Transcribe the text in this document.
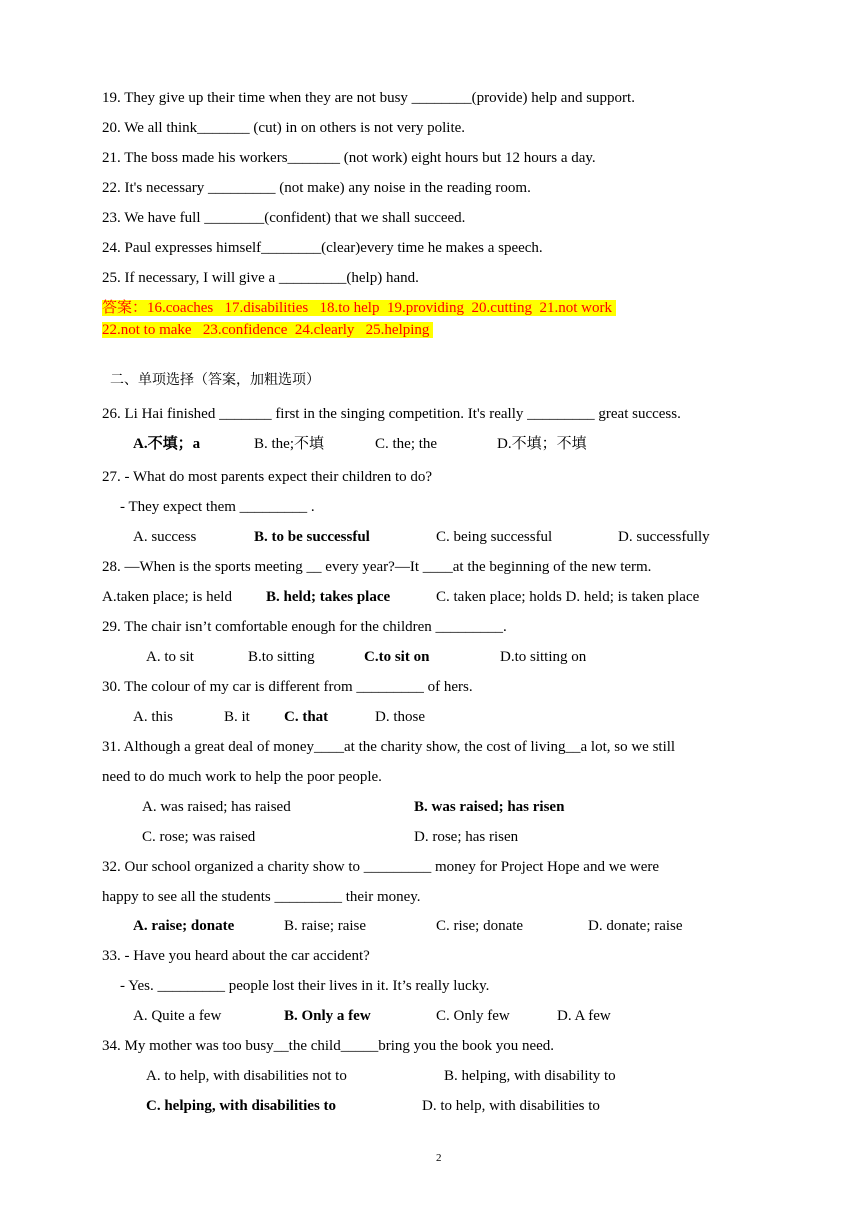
19. They give up their time when they are not busy ________(provide) help and support.
20. We all think_______ (cut) in on others is not very polite.
21. The boss made his workers_______ (not work) eight hours but 12 hours a day.
22. It's necessary _________ (not make) any noise in the reading room.
23. We have full ________(confident) that we shall succeed.
24. Paul expresses himself________(clear)every time he makes a speech.
25. If necessary, I will give a _________(help) hand.
答案：16.coaches   17.disabilities   18.to help  19.providing  20.cutting  21.not work
22.not to make   23.confidence  24.clearly   25.helping
二、单项选择（答案，加粗选项）
26. Li Hai finished _______ first in the singing competition. It's really _________ great success.
A.不填；a	B. the;不填	C. the; the	D.不填；不填
27. - What do most parents expect their children to do?
- They expect them _________ .
A. success	B. to be successful	C. being successful	D. successfully
28. —When is the sports meeting __ every year?—It ____at the beginning of the new term.
A.taken place; is held B. held; takes place	C. taken place; holds D. held; is taken place
29. The chair isn’t comfortable enough for the children _________.
A. to sit	B.to sitting	C.to sit on	D.to sitting on
30. The colour of my car is different from _________ of hers.
A. this	B. it C. that	D. those
31. Although a great deal of money____at the charity show, the cost of living__a lot, so we still
need to do much work to help the poor people.
A. was raised; has raised	B. was raised; has risen
C. rose; was raised	D. rose; has risen
32. Our school organized a charity show to _________ money for Project Hope and we were
happy to see all the students _________ their money.
A. raise; donate	B. raise; raise	C. rise; donate	D. donate; raise
33. - Have you heard about the car accident?
- Yes. _________ people lost their lives in it. It’s really lucky.
A. Quite a few	B. Only a few	C. Only few	D. A few
34. My mother was too busy__the child_____bring you the book you need.
A. to help, with disabilities not to	B. helping, with disability to
C. helping, with disabilities to	D. to help, with disabilities to
2
